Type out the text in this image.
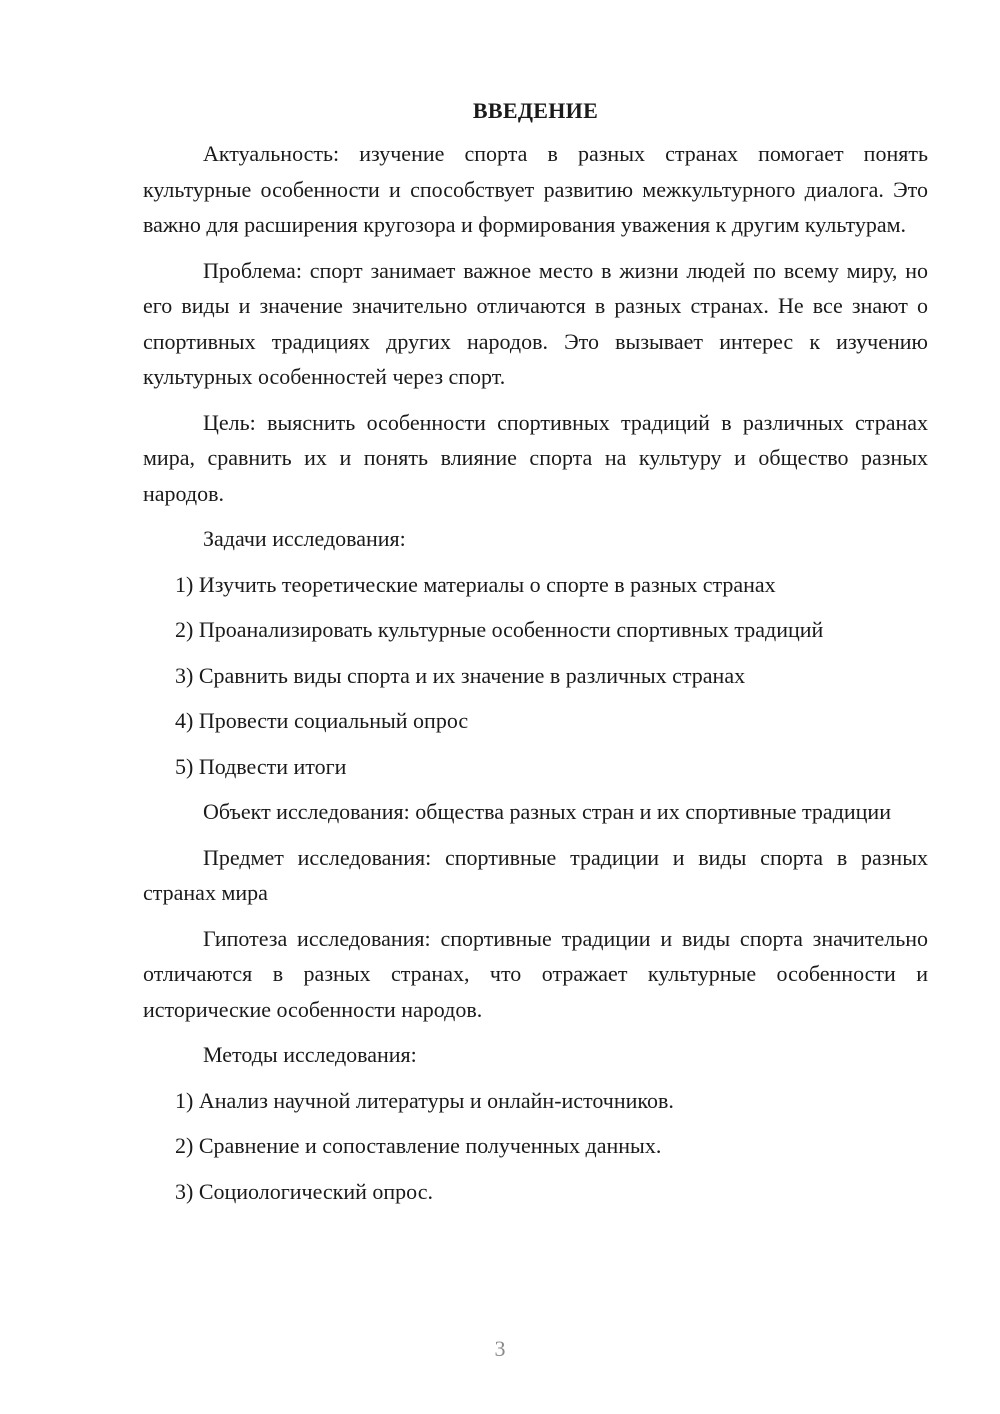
ВВЕДЕНИЕ

Актуальность: изучение спорта в разных странах помогает понять культурные особенности и способствует развитию межкультурного диалога. Это важно для расширения кругозора и формирования уважения к другим культурам.

Проблема: спорт занимает важное место в жизни людей по всему миру, но его виды и значение значительно отличаются в разных странах. Не все знают о спортивных традициях других народов. Это вызывает интерес к изучению культурных особенностей через спорт.

Цель: выяснить особенности спортивных традиций в различных странах мира, сравнить их и понять влияние спорта на культуру и общество разных народов.

Задачи исследования:

1) Изучить теоретические материалы о спорте в разных странах
2) Проанализировать культурные особенности спортивных традиций
3) Сравнить виды спорта и их значение в различных странах
4) Провести социальный опрос
5) Подвести итоги

Объект исследования: общества разных стран и их спортивные традиции

Предмет исследования: спортивные традиции и виды спорта в разных странах мира

Гипотеза исследования: спортивные традиции и виды спорта значительно отличаются в разных странах, что отражает культурные особенности и исторические особенности народов.

Методы исследования:

1) Анализ научной литературы и онлайн-источников.
2) Сравнение и сопоставление полученных данных.
3) Социологический опрос.
3
